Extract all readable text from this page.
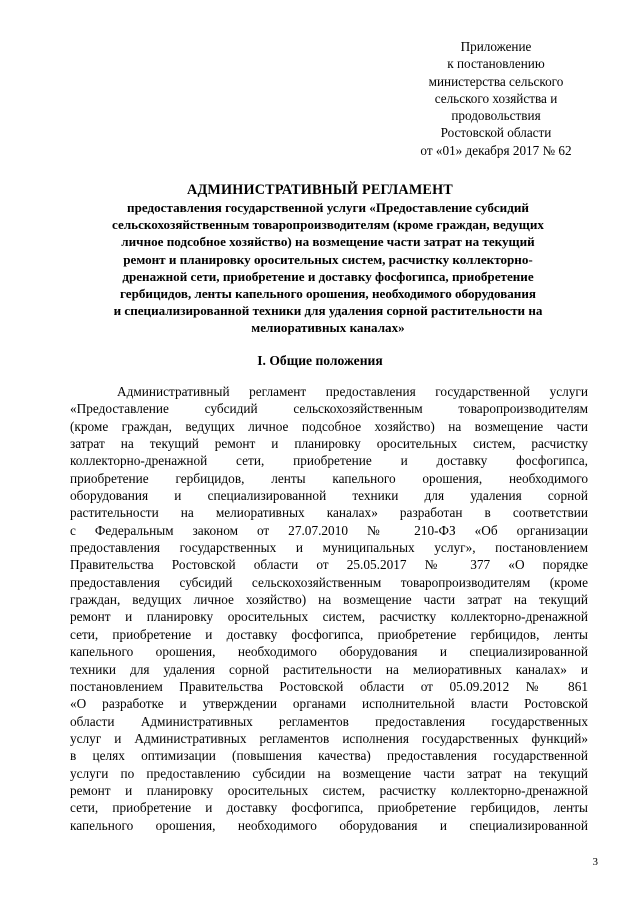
Приложение
к постановлению
министерства сельского
сельского хозяйства и
продовольствия
Ростовской области
от «01» декабря 2017 № 62
АДМИНИСТРАТИВНЫЙ РЕГЛАМЕНТ
предоставления государственной услуги «Предоставление субсидий
сельскохозяйственным товаропроизводителям (кроме граждан, ведущих
личное подсобное хозяйство) на возмещение части затрат на текущий
ремонт и планировку оросительных систем, расчистку коллекторно-
дренажной сети, приобретение и доставку фосфогипса, приобретение
гербицидов, ленты капельного орошения, необходимого оборудования
и специализированной техники для удаления сорной растительности на
мелиоративных каналах»
I. Общие положения
Административный регламент предоставления государственной услуги
«Предоставление субсидий сельскохозяйственным товаропроизводителям
(кроме граждан, ведущих личное подсобное хозяйство) на возмещение части
затрат на текущий ремонт и планировку оросительных систем, расчистку
коллекторно-дренажной сети, приобретение и доставку фосфогипса,
приобретение гербицидов, ленты капельного орошения, необходимого
оборудования и специализированной техники для удаления сорной
растительности на мелиоративных каналах» разработан в соответствии
с Федеральным законом от 27.07.2010 № 210-ФЗ «Об организации
предоставления государственных и муниципальных услуг», постановлением
Правительства Ростовской области от 25.05.2017 № 377 «О порядке
предоставления субсидий сельскохозяйственным товаропроизводителям (кроме
граждан, ведущих личное хозяйство) на возмещение части затрат на текущий
ремонт и планировку оросительных систем, расчистку коллекторно-дренажной
сети, приобретение и доставку фосфогипса, приобретение гербицидов, ленты
капельного орошения, необходимого оборудования и специализированной
техники для удаления сорной растительности на мелиоративных каналах» и
постановлением Правительства Ростовской области от 05.09.2012 № 861
«О разработке и утверждении органами исполнительной власти Ростовской
области Административных регламентов предоставления государственных
услуг и Административных регламентов исполнения государственных функций»
в целях оптимизации (повышения качества) предоставления государственной
услуги по предоставлению субсидии на возмещение части затрат на текущий
ремонт и планировку оросительных систем, расчистку коллекторно-дренажной
сети, приобретение и доставку фосфогипса, приобретение гербицидов, ленты
капельного орошения, необходимого оборудования и специализированной
3
